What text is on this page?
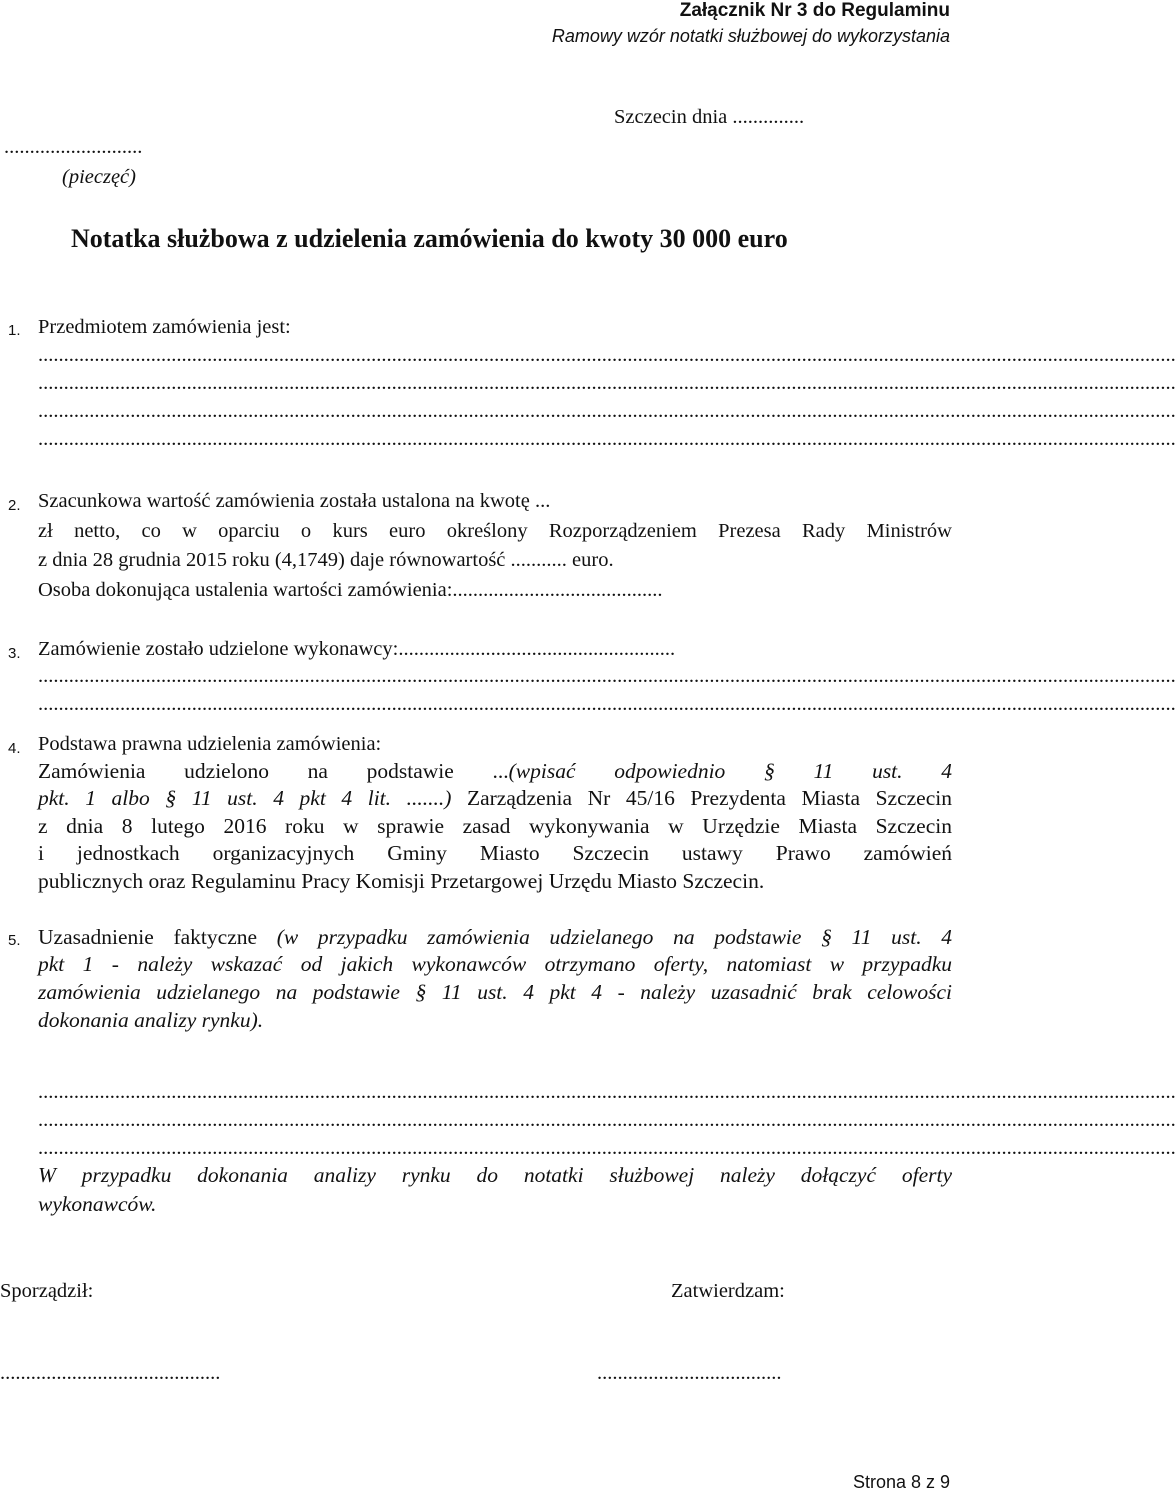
Załącznik Nr 3 do Regulaminu
Ramowy wzór notatki służbowej do wykorzystania
Szczecin dnia ..............
...........................
(pieczęć)
Notatka służbowa z udzielenia zamówienia do kwoty 30 000 euro
1. Przedmiotem zamówienia jest:
..............................................................................................................................................................................................................................
..............................................................................................................................................................................................................................
..............................................................................................................................................................................................................................
..............................................................................................................................................................................................................................
2. Szacunkowa wartość zamówienia została ustalona na kwotę ...
zł netto, co w oparciu o kurs euro określony Rozporządzeniem Prezesa Rady Ministrów
z dnia 28 grudnia 2015 roku (4,1749) daje równowartość ........... euro.
Osoba dokonująca ustalenia wartości zamówienia:.........................................
3. Zamówienie zostało udzielone wykonawcy:......................................................
..............................................................................................................................................................................................................................
..............................................................................................................................................................................................................................
4. Podstawa prawna udzielenia zamówienia:
Zamówienia udzielono na podstawie ...(wpisać odpowiednio § 11 ust. 4
pkt. 1 albo § 11 ust. 4 pkt 4 lit. .......) Zarządzenia Nr 45/16 Prezydenta Miasta Szczecin
z dnia 8 lutego 2016 roku w sprawie zasad wykonywania w Urzędzie Miasta Szczecin
i jednostkach organizacyjnych Gminy Miasto Szczecin ustawy Prawo zamówień
publicznych oraz Regulaminu Pracy Komisji Przetargowej Urzędu Miasto Szczecin.
5. Uzasadnienie faktyczne (w przypadku zamówienia udzielanego na podstawie § 11 ust. 4
pkt 1 - należy wskazać od jakich wykonawców otrzymano oferty, natomiast w przypadku
zamówienia udzielanego na podstawie § 11 ust. 4 pkt 4 - należy uzasadnić brak celowości
dokonania analizy rynku).
..............................................................................................................................................................................................................................
..............................................................................................................................................................................................................................
..............................................................................................................................................................................................................................
W przypadku dokonania analizy rynku do notatki służbowej należy dołączyć oferty
wykonawców.
Sporządził:	Zatwierdzam:
...........................................	....................................
Strona 8 z 9
